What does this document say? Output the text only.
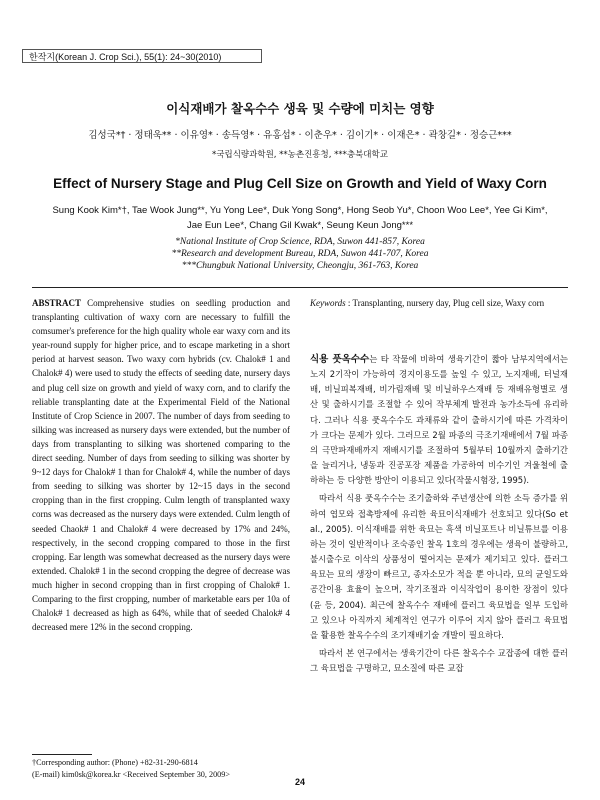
한작지(Korean J. Crop Sci.), 55(1): 24~30(2010)
이식재배가 찰옥수수 생육 및 수량에 미치는 영향
김성국*† · 정태욱** · 이유영* · 송득영* · 유홍섭* · 이춘우* · 김이기* · 이재은* · 곽창길* · 정승근***
*국립식량과학원, **농촌진흥청, ***충북대학교
Effect of Nursery Stage and Plug Cell Size on Growth and Yield of Waxy Corn
Sung Kook Kim*†, Tae Wook Jung**, Yu Yong Lee*, Duk Yong Song*, Hong Seob Yu*, Choon Woo Lee*, Yee Gi Kim*,
Jae Eun Lee*, Chang Gil Kwak*, Seung Keun Jong***
*National Institute of Crop Science, RDA, Suwon 441-857, Korea
**Research and development Bureau, RDA, Suwon 441-707, Korea
***Chungbuk National University, Cheongju, 361-763, Korea
ABSTRACT Comprehensive studies on seedling production and transplanting cultivation of waxy corn are necessary to fulfill the comsumer's preference for the high quality whole ear waxy corn and its year-round supply for higher price, and to escape marketing in a short period at harvest season. Two waxy corn hybrids (cv. Chalok# 1 and Chalok# 4) were used to study the effects of seeding date, nursery days and plug cell size on growth and yield of waxy corn, and to clarify the reliable transplanting date at the Experimental Field of the National Institute of Crop Science in 2007. The number of days from seeding to silking was increased as nursery days were extended, but the number of days from transplanting to silking was shortened comparing to the direct seeding. Number of days from seeding to silking was shorter by 9~12 days for Chalok# 1 than for Chalok# 4, while the number of days from seeding to silking was shorter by 12~15 days in the second cropping than in the first cropping. Culm length of transplanted waxy corns was decreased as the nursery days were extended. Culm length of seeded Chaok# 1 and Chalok# 4 were decreased by 17% and 24%, respectively, in the second cropping compared to those in the first cropping. Ear length was somewhat decreased as the nursery days were extended. Chalok# 1 in the second cropping the degree of decrease was much higher in second cropping than in first cropping of Chalok# 1. Comparing to the first cropping, number of marketable ears per 10a of Chalok# 1 decreased as high as 64%, while that of seeded Chalok# 4 decreased mere 12% in the second cropping.
Keywords : Transplanting, nursery day, Plug cell size, Waxy corn

식용 풋옥수수는 타 작물에 비하여 생육기간이 짧아 남부지역에서는 노지 2기작이 가능하여 경지이용도를 높일 수 있고, 노지재배, 터널재배, 비닐피복재배, 비가림재배 및 비닐하우스재배 등 재배유형별로 생산 및 출하시기를 조절할 수 있어 작부체계 발전과 농가소득에 유리하다. 그러나 식용 풋옥수수도 과채류와 같이 출하시기에 따른 가격차이가 크다는 문제가 있다. 그러므로 2월 파종의 극조기재배에서 7월 파종의 극만파재배까지 재배시기를 조절하여 5월부터 10월까지 출하기간을 늘리거나, 냉동과 진공포장 제품을 가공하여 비수기인 겨울철에 출하하는 등 다양한 방안이 이용되고 있다(작물시험장, 1995).

따라서 식용 풋옥수수는 조기출하와 주년생산에 의한 소득 증가를 위하여 엽모와 접촉방제에 유리한 육묘이식재배가 선호되고 있다(So et al., 2005). 이식재배를 위한 육묘는 흑색 비닐포트나 비닐튜브를 이용하는 것이 일반적이나 조숙종인 찰옥 1호의 경우에는 생육이 불량하고, 불시출수로 이삭의 상품성이 떨어지는 문제가 제기되고 있다. 플러그 육묘는 묘의 생장이 빠르고, 종자소모가 적을 뿐 아니라, 묘의 균일도와 공간이용 효율이 높으며, 작기조절과 이식작업이 용이한 장점이 있다(윤 등, 2004). 최근에 찰옥수수 재배에 플러그 육묘법을 일부 도입하고 있으나 아직까지 체계적인 연구가 이루어 지지 않아 플러그 육묘법을 활용한 찰옥수수의 조기재배기술 개발이 필요하다.

따라서 본 연구에서는 생육기간이 다른 찰옥수수 교잡종에 대한 플러그 육묘법을 구명하고, 묘소질에 따른 교잡

†Corresponding author: (Phone) +82-31-290-6814
(E-mail) kim0sk@korea.kr <Received September 30, 2009>
24
